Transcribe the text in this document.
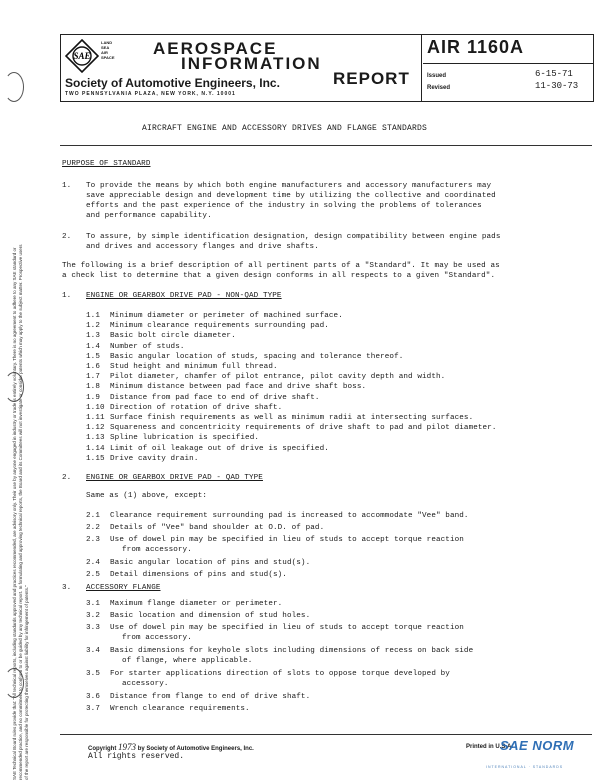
SAE
LAND
SEA
AIR
SPACE AEROSPACE
INFORMATION
REPORT
Society of Automotive Engineers, Inc.
TWO PENNSYLVANIA PLAZA, NEW YORK, N.Y. 10001
AIR 1160A
Issued	6-15-71
Revised	11-30-73
SAE Technical Board rules provide that: "All technical reports, including standards approved and practices recommended, are advisory only. Their use by anyone engaged in industry or trade is entirely voluntary. There is no agreement to adhere to any SAE standard or recommended practice, and no commitment to conform to or be guided by any technical report. In formulating and approving technical reports, the Board and its Committees will not investigate or consider patents which may apply to the subject matter. Prospective users of the report are responsible for protecting themselves against liability for infringement of patents."
AIRCRAFT ENGINE AND ACCESSORY DRIVES AND FLANGE STANDARDS
PURPOSE OF STANDARD
1. To provide the means by which both engine manufacturers and accessory manufacturers may
save appreciable design and development time by utilizing the collective and coordinated
efforts and the past experience of the industry in solving the problems of tolerances
and performance capability.
2. To assure, by simple identification designation, design compatibility between engine pads
and drives and accessory flanges and drive shafts.
The following is a brief description of all pertinent parts of a "Standard". It may be used as
a check list to determine that a given design conforms in all respects to a given "Standard".
1. ENGINE OR GEARBOX DRIVE PAD - NON-QAD TYPE
1.1 Minimum diameter or perimeter of machined surface.
1.2 Minimum clearance requirements surrounding pad.
1.3 Basic bolt circle diameter.
1.4 Number of studs.
1.5 Basic angular location of studs, spacing and tolerance thereof.
1.6 Stud height and minimum full thread.
1.7 Pilot diameter, chamfer of pilot entrance, pilot cavity depth and width.
1.8 Minimum distance between pad face and drive shaft boss.
1.9 Distance from pad face to end of drive shaft.
1.10 Direction of rotation of drive shaft.
1.11 Surface finish requirements as well as minimum radii at intersecting surfaces.
1.12 Squareness and concentricity requirements of drive shaft to pad and pilot diameter.
1.13 Spline lubrication is specified.
1.14 Limit of oil leakage out of drive is specified.
1.15 Drive cavity drain.
2. ENGINE OR GEARBOX DRIVE PAD - QAD TYPE
Same as (1) above, except:
2.1 Clearance requirement surrounding pad is increased to accommodate "Vee" band.
2.2 Details of "Vee" band shoulder at O.D. of pad.
2.3 Use of dowel pin may be specified in lieu of studs to accept torque reaction
from accessory.
2.4 Basic angular location of pins and stud(s).
2.5 Detail dimensions of pins and stud(s).
3. ACCESSORY FLANGE
3.1 Maximum flange diameter or perimeter.
3.2 Basic location and dimension of stud holes.
3.3 Use of dowel pin may be specified in lieu of studs to accept torque reaction
from accessory.
3.4 Basic dimensions for keyhole slots including dimensions of recess on back side
of flange, where applicable.
3.5 For starter applications direction of slots to oppose torque developed by
accessory.
3.6 Distance from flange to end of drive shaft.
3.7 Wrench clearance requirements.
Copyright 1973 by Society of Automotive Engineers, Inc.
All rights reserved.
Printed in U.S.A.
SAE NORM
INTERNATIONAL · STANDARDS
